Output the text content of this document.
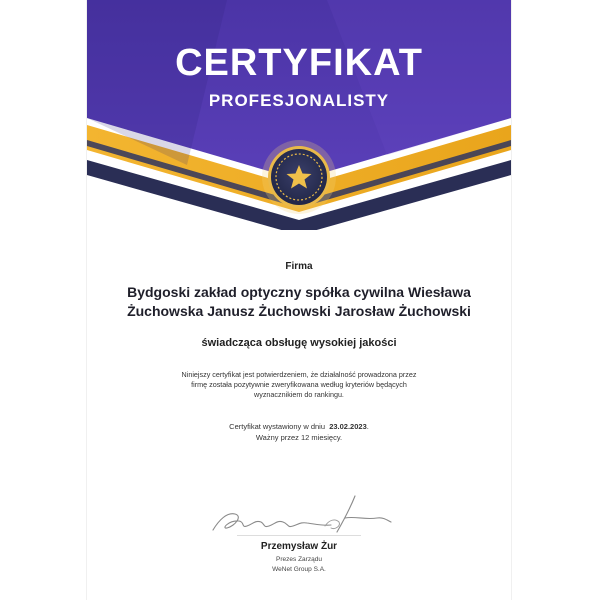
CERTYFIKAT
PROFESJONALISTY
Firma
Bydgoski zakład optyczny spółka cywilna Wiesława
Żuchowska Janusz Żuchowski Jarosław Żuchowski
świadcząca obsługę wysokiej jakości
Niniejszy certyfikat jest potwierdzeniem, że działalność prowadzona przez
firmę została pozytywnie zweryfikowana według kryteriów będących
wyznacznikiem do rankingu.
Certyfikat wystawiony w dniu 23.02.2023.
Ważny przez 12 miesięcy.
Przemysław Żur
Prezes Zarządu
WeNet Group S.A.
